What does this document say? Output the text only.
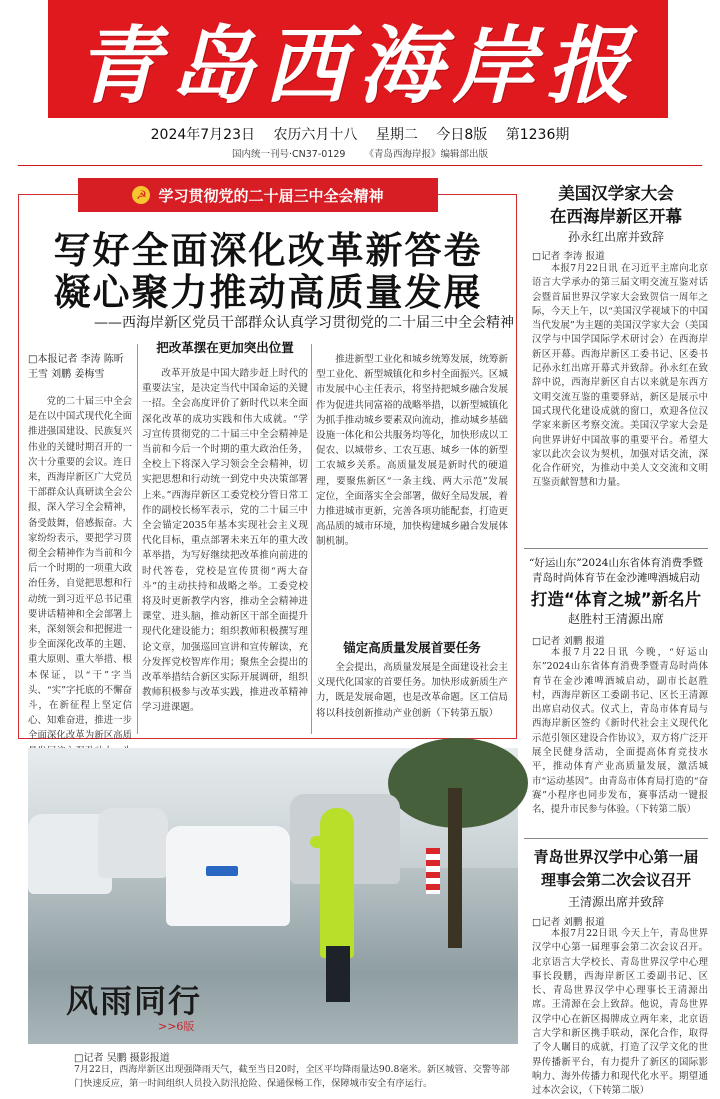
青岛西海岸报
2024年7月23日 农历六月十八 星期二 今日8版 第1236期
国内统一刊号·CN37-0129 《青岛西海岸报》编辑部出版
☭ 学习贯彻党的二十届三中全会精神
写好全面深化改革新答卷
凝心聚力推动高质量发展
——西海岸新区党员干部群众认真学习贯彻党的二十届三中全会精神
□本报记者 李涛 陈昕 王雪 刘鹏 姜梅雪
党的二十届三中全会是在以中国式现代化全面推进强国建设、民族复兴伟业的关键时期召开的一次十分重要的会议。连日来，西海岸新区广大党员干部群众认真研读全会公报，深入学习全会精神，备受鼓舞，倍感振奋。大家纷纷表示，要把学习贯彻全会精神作为当前和今后一个时期的一项重大政治任务，自觉把思想和行动统一到习近平总书记重要讲话精神和全会部署上来，深刻领会和把握进一步全面深化改革的主题、重大原则、重大举措、根本保证，以“干”字当头、“实”字托底的不懈奋斗，在新征程上坚定信心、知难奋进，推进一步全面深化改革为新区高质
把改革摆在更加突出位置
改革开放是中国大踏步赶上时代的重要法宝，是决定当代中国命运的关键一招。全会高度评价了新时代以来全面深化改革的成功实践和伟大成就。“学习宣传贯彻党的二十届三中全会精神是当前和今后一个时期的重大政治任务，全校上下将深入学习领会全会精神，切实把思想和行动统一到党中央决策部署上来。”西海岸新区工委党校分管日常工作的副校长杨军表示，党的二十届三中全会锚定2035年基本实现社会主义现代化目标，重点部署未来五年的重大改革举措，为写好继续把改革推向前进的时代答卷，党校是宣传贯彻“两大奋斗”的主动扶持和战略之举。工委党校将及时更新教学内容，推动全会精神进课堂、进头脑，推动新区干部全面提升现代化建设能力；组织教师积极撰写理论文章，加强巡回宣讲和宣传解读，充分发挥党校智库作用；聚焦全会提出的改革举措结合新区实际开展调研，组织教师积极参与改革实践，推进改革精神学习进课题。
推进新型工业化和城乡统筹发展，统筹新型工业化、新型城镇化和乡村全面振兴。区城市发展中心主任表示，将坚持把城乡融合发展作为促进共同富裕的战略举措，以新型城镇化为抓手推动城乡要素双向流动，推动城乡基础设施一体化和公共服务均等化，加快形成以工促农、以城带乡、工农互惠、城乡一体的新型工农城乡关系。高质量发展是新时代的硬道理，要聚焦新区“一条主线、两大示范”发展定位，全面落实全会部署，做好全局发展，着力推进城市更新，完善各项功能配套，打造更高品质的城市环境，加快构建城乡融合发展体制机制。
锚定高质量发展首要任务
全会提出，高质量发展是全面建设社会主义现代化国家的首要任务。加快形成新质生产力，既是发展命题，也是改革命题。区工信局将以科技创新推动产业创新（下转第五版）
美国汉学家大会
在西海岸新区开幕
孙永红出席并致辞
□记者 李涛 报道
本报7月22日讯 在习近平主席向北京语言大学承办的第三届文明交流互鉴对话会暨首届世界汉学家大会致贺信一周年之际，今天上午，以“美国汉学视域下的中国当代发展”为主题的美国汉学家大会（美国汉学与中国学国际学术研讨会）在西海岸新区开幕。西海岸新区工委书记、区委书记孙永红出席开幕式并致辞。孙永红在致辞中说，西海岸新区自古以来就是东西方文明交流互鉴的重要驿站，新区是展示中国式现代化建设成就的窗口，欢迎各位汉学家来新区考察交流。美国汉学家大会是向世界讲好中国故事的重要平台。希望大家以此次会议为契机，加强对话交流，深化合作研究，为推动中美人文交流和文明互鉴贡献智慧和力量。
“好运山东”2024山东省体育消费季暨
青岛时尚体育节在金沙滩啤酒城启动
打造“体育之城”新名片
赵胜村王清源出席
□记者 刘鹏 报道
本报7月22日讯 今晚，“好运山东”2024山东省体育消费季暨青岛时尚体育节在金沙滩啤酒城启动，副市长赵胜村，西海岸新区工委副书记、区长王清源出席启动仪式。仪式上，青岛市体育局与西海岸新区签约《新时代社会主义现代化示范引领区建设合作协议》，双方将广泛开展全民健身活动，全面提高体育竞技水平，推动体育产业高质量发展，激活城市“运动基因”。由青岛市体育局打造的“奋赛”小程序也同步发布，赛事活动一键报名，提升市民参与体验。（下转第二版）
青岛世界汉学中心第一届
理事会第二次会议召开
王清源出席并致辞
□记者 刘鹏 报道
本报7月22日讯 今天上午，青岛世界汉学中心第一届理事会第二次会议召开。北京语言大学校长、青岛世界汉学中心理事长段鹏，西海岸新区工委副书记、区长、青岛世界汉学中心理事长王清源出席。王清源在会上致辞。他说，青岛世界汉学中心在新区揭牌成立两年来，北京语言大学和新区携手联动，深化合作，取得了令人瞩目的成就，打造了汉学文化的世界传播新平台，有力提升了新区的国际影响力、海外传播力和现代化水平。期望通过本次会议，（下转第二版）
风雨同行
>>6版
□记者 吴鹏 摄影报道
7月22日，西海岸新区出现强降雨天气，截至当日20时，全区平均降雨量达90.8毫米。新区城管、交警等部门快速反应，第一时间组织人员投入防汛抢险、保通保畅工作，保障城市安全有序运行。
